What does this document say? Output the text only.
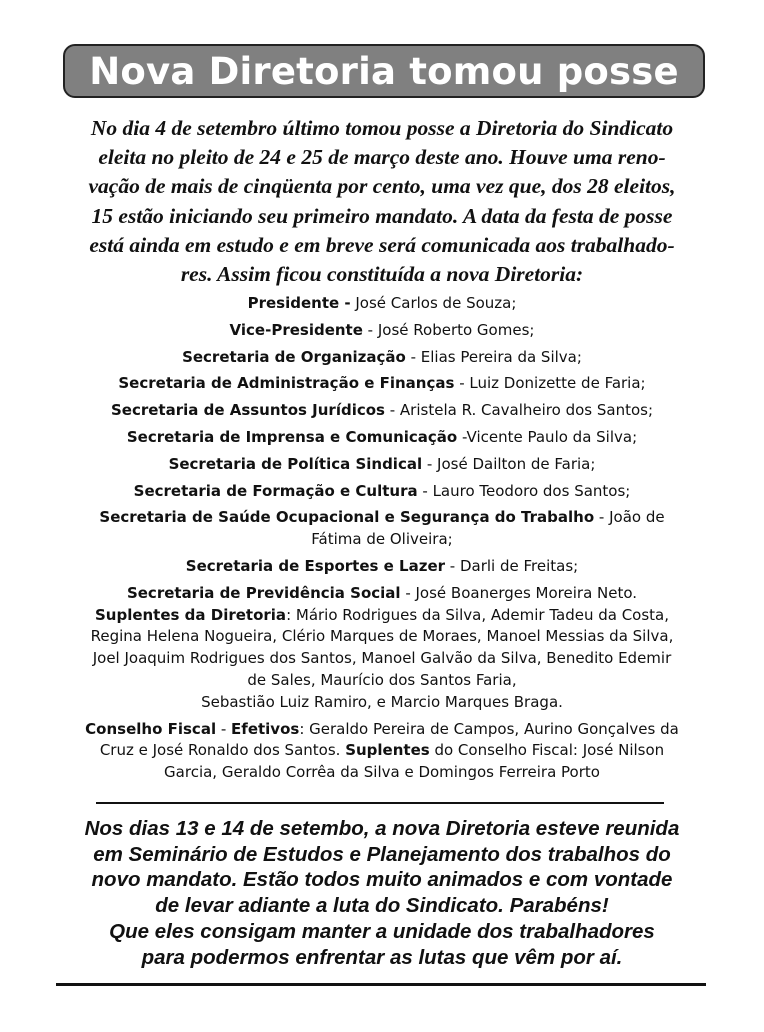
Nova Diretoria tomou posse

No dia 4 de setembro último tomou posse a Diretoria do Sindicato

eleita no pleito de 24 e 25 de março deste ano. Houve uma reno-

vação de mais de cinqüenta por cento, uma vez que, dos 28 eleitos,

15 estão iniciando seu primeiro mandato. A data da festa de posse

está ainda em estudo e em breve será comunicada aos trabalhado-

res. Assim ficou constituída a nova Diretoria:

Presidente - José Carlos de Souza;
Vice-Presidente - José Roberto Gomes;
Secretaria de Organização - Elias Pereira da Silva;
Secretaria de Administração e Finanças - Luiz Donizette de Faria;
Secretaria de Assuntos Jurídicos - Aristela R. Cavalheiro dos Santos;
Secretaria de Imprensa e Comunicação -Vicente Paulo da Silva;
Secretaria de Política Sindical - José Dailton de Faria;
Secretaria de Formação e Cultura - Lauro Teodoro dos Santos;
Secretaria de Saúde Ocupacional e Segurança do Trabalho - João de
Fátima de Oliveira;
Secretaria de Esportes e Lazer - Darli de Freitas;
Secretaria de Previdência Social - José Boanerges Moreira Neto.
Suplentes da Diretoria: Mário Rodrigues da Silva, Ademir Tadeu da Costa,
Regina Helena Nogueira, Clério Marques de Moraes, Manoel Messias da Silva,
Joel Joaquim Rodrigues dos Santos, Manoel Galvão da Silva, Benedito Edemir
de Sales, Maurício dos Santos Faria,
Sebastião Luiz Ramiro, e Marcio Marques Braga.
Conselho Fiscal - Efetivos: Geraldo Pereira de Campos, Aurino Gonçalves da
Cruz e José Ronaldo dos Santos. Suplentes do Conselho Fiscal: José Nilson
Garcia, Geraldo Corrêa da Silva e Domingos Ferreira Porto

Nos dias 13 e 14 de setembo, a nova Diretoria esteve reunida

em Seminário de Estudos e Planejamento dos trabalhos do

novo mandato. Estão todos muito animados e com vontade

de levar adiante a luta do Sindicato. Parabéns!

Que eles consigam manter a unidade dos trabalhadores

para podermos enfrentar as lutas que vêm por aí.
